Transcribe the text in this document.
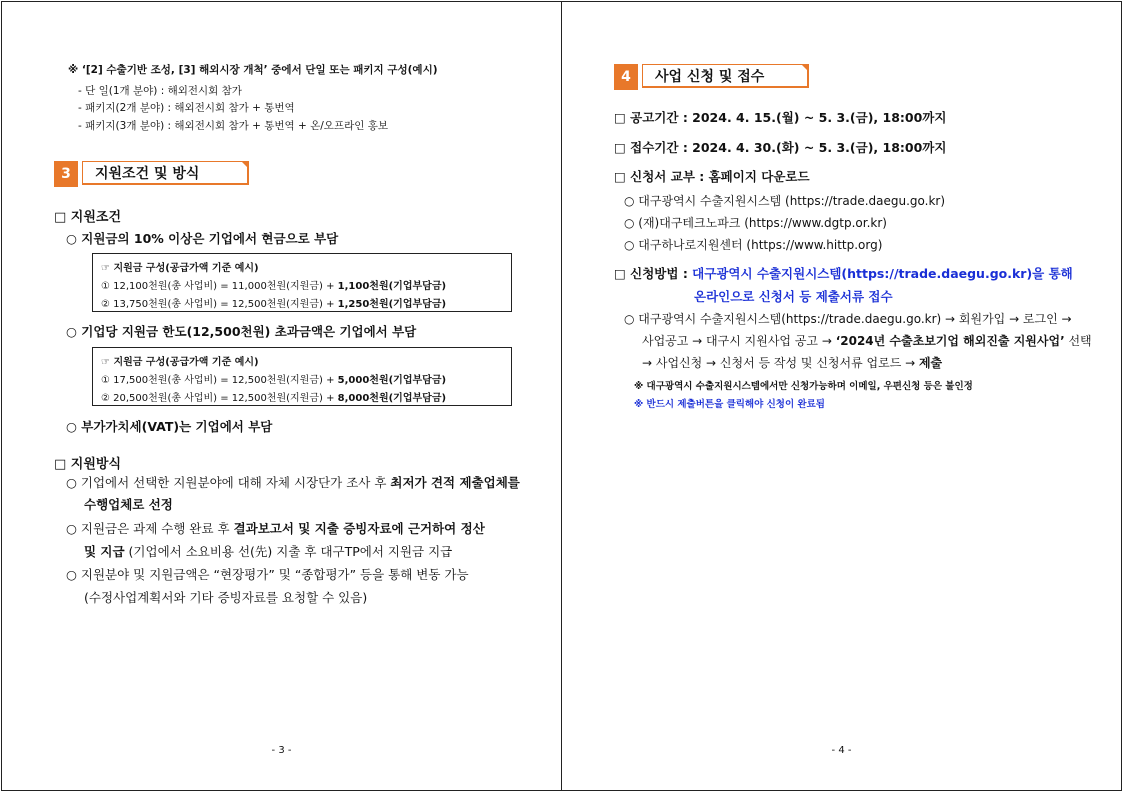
※ ‘[2] 수출기반 조성, [3] 해외시장 개척’ 중에서 단일 또는 패키지 구성(예시)
- 단 일(1개 분야) : 해외전시회 참가
- 패키지(2개 분야) : 해외전시회 참가 + 통번역
- 패키지(3개 분야) : 해외전시회 참가 + 통번역 + 온/오프라인 홍보
3	지원조건 및 방식
□ 지원조건
○ 지원금의 10% 이상은 기업에서 현금으로 부담
☞ 지원금 구성(공급가액 기준 예시)
① 12,100천원(총 사업비) = 11,000천원(지원금) + 1,100천원(기업부담금)
② 13,750천원(총 사업비) = 12,500천원(지원금) + 1,250천원(기업부담금)
○ 기업당 지원금 한도(12,500천원) 초과금액은 기업에서 부담
☞ 지원금 구성(공급가액 기준 예시)
① 17,500천원(총 사업비) = 12,500천원(지원금) + 5,000천원(기업부담금)
② 20,500천원(총 사업비) = 12,500천원(지원금) + 8,000천원(기업부담금)
○ 부가가치세(VAT)는 기업에서 부담
□ 지원방식
○ 기업에서 선택한 지원분야에 대해 자체 시장단가 조사 후 최저가 견적 제출업체를
수행업체로 선정
○ 지원금은 과제 수행 완료 후 결과보고서 및 지출 증빙자료에 근거하여 정산
및 지급 (기업에서 소요비용 선(先) 지출 후 대구TP에서 지원금 지급
○ 지원분야 및 지원금액은 “현장평가” 및 “종합평가” 등을 통해 변동 가능
(수정사업계획서와 기타 증빙자료를 요청할 수 있음)
- 3 -
4	사업 신청 및 접수
□ 공고기간 : 2024. 4. 15.(월) ~ 5. 3.(금), 18:00까지
□ 접수기간 : 2024. 4. 30.(화) ~ 5. 3.(금), 18:00까지
□ 신청서 교부 : 홈페이지 다운로드
○ 대구광역시 수출지원시스템 (https://trade.daegu.go.kr)
○ (재)대구테크노파크 (https://www.dgtp.or.kr)
○ 대구하나로지원센터 (https://www.hittp.org)
□ 신청방법 : 대구광역시 수출지원시스템(https://trade.daegu.go.kr)을 통해
온라인으로 신청서 등 제출서류 접수
○ 대구광역시 수출지원시스템(https://trade.daegu.go.kr) → 회원가입 → 로그인 →
사업공고 → 대구시 지원사업 공고 → ‘2024년 수출초보기업 해외진출 지원사업’ 선택
→ 사업신청 → 신청서 등 작성 및 신청서류 업로드 → 제출
※ 대구광역시 수출지원시스템에서만 신청가능하며 이메일, 우편신청 등은 불인정
※ 반드시 제출버튼을 클릭해야 신청이 완료됨
- 4 -
